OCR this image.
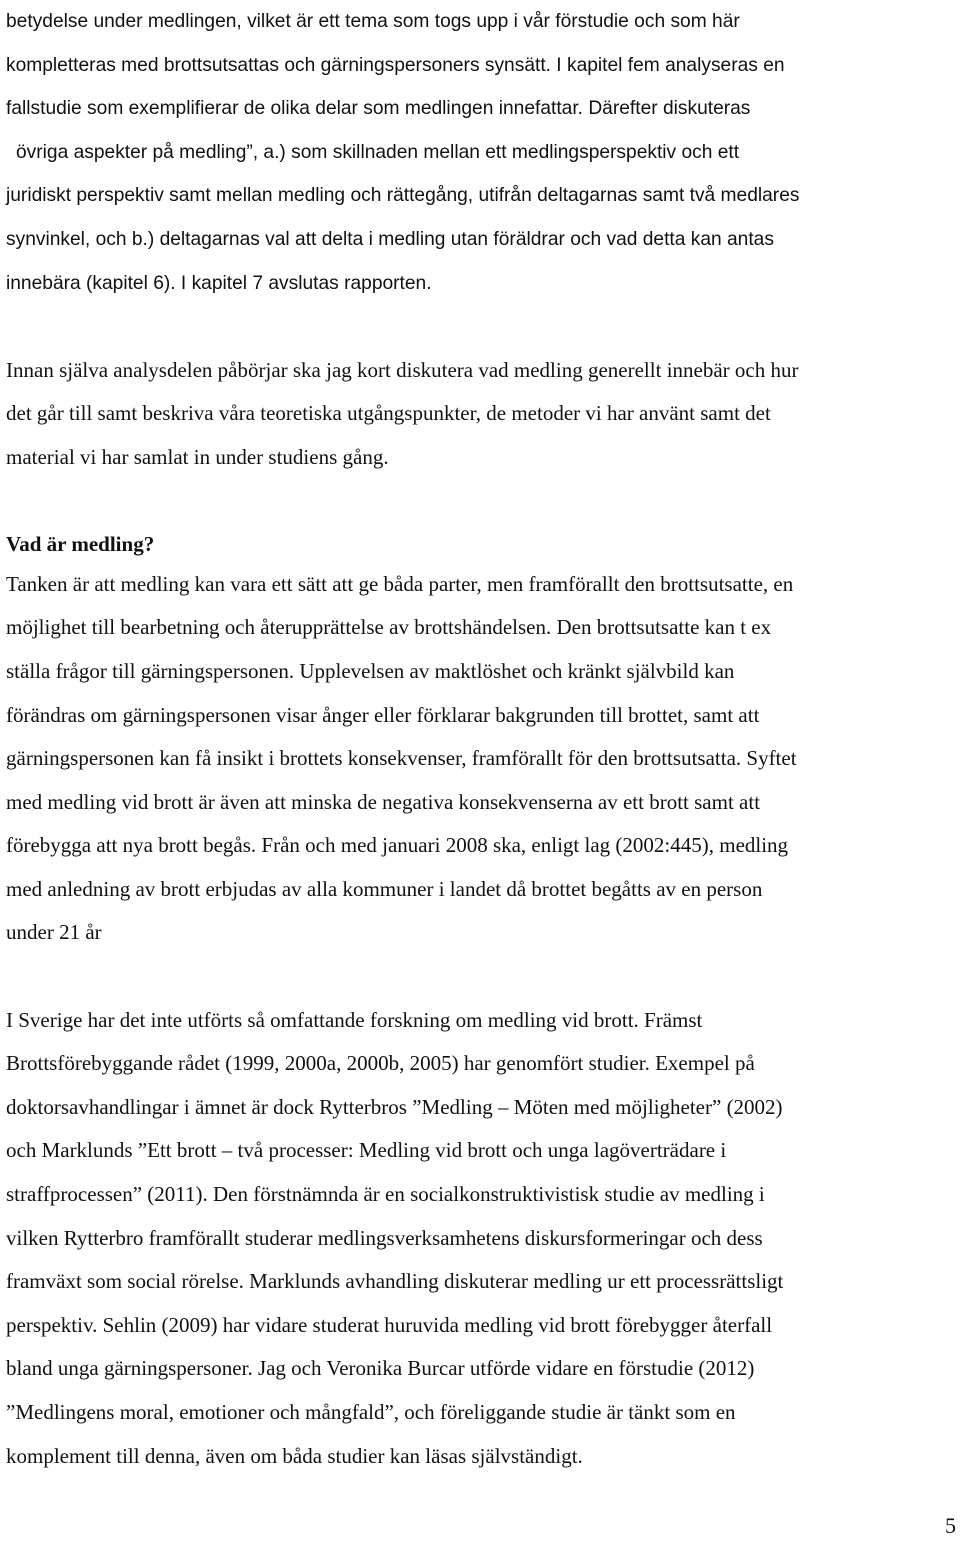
betydelse under medlingen, vilket är ett tema som togs upp i vår förstudie och som här
kompletteras med brottsutsattas och gärningspersoners synsätt. I kapitel fem analyseras en
fallstudie som exemplifierar de olika delar som medlingen innefattar. Därefter diskuteras
övriga aspekter på medling”, a.) som skillnaden mellan ett medlingsperspektiv och ett
juridiskt perspektiv samt mellan medling och rättegång, utifrån deltagarnas samt två medlares
synvinkel, och b.) deltagarnas val att delta i medling utan föräldrar och vad detta kan antas
innebära (kapitel 6). I kapitel 7 avslutas rapporten.
Innan själva analysdelen påbörjar ska jag kort diskutera vad medling generellt innebär och hur
det går till samt beskriva våra teoretiska utgångspunkter, de metoder vi har använt samt det
material vi har samlat in under studiens gång.
Vad är medling?
Tanken är att medling kan vara ett sätt att ge båda parter, men framförallt den brottsutsatte, en
möjlighet till bearbetning och återupprättelse av brottshändelsen. Den brottsutsatte kan t ex
ställa frågor till gärningspersonen. Upplevelsen av maktlöshet och kränkt självbild kan
förändras om gärningspersonen visar ånger eller förklarar bakgrunden till brottet, samt att
gärningspersonen kan få insikt i brottets konsekvenser, framförallt för den brottsutsatta. Syftet
med medling vid brott är även att minska de negativa konsekvenserna av ett brott samt att
förebygga att nya brott begås. Från och med januari 2008 ska, enligt lag (2002:445), medling
med anledning av brott erbjudas av alla kommuner i landet då brottet begåtts av en person
under 21 år
I Sverige har det inte utförts så omfattande forskning om medling vid brott. Främst
Brottsförebyggande rådet (1999, 2000a, 2000b, 2005) har genomfört studier. Exempel på
doktorsavhandlingar i ämnet är dock Rytterbros ”Medling – Möten med möjligheter” (2002)
och Marklunds ”Ett brott – två processer: Medling vid brott och unga lagöverträdare i
straffprocessen” (2011). Den förstnämnda är en socialkonstruktivistisk studie av medling i
vilken Rytterbro framförallt studerar medlingsverksamhetens diskursformeringar och dess
framväxt som social rörelse. Marklunds avhandling diskuterar medling ur ett processrättsligt
perspektiv. Sehlin (2009) har vidare studerat huruvida medling vid brott förebygger återfall
bland unga gärningspersoner. Jag och Veronika Burcar utförde vidare en förstudie (2012)
”Medlingens moral, emotioner och mångfald”, och föreliggande studie är tänkt som en
komplement till denna, även om båda studier kan läsas självständigt.
5
